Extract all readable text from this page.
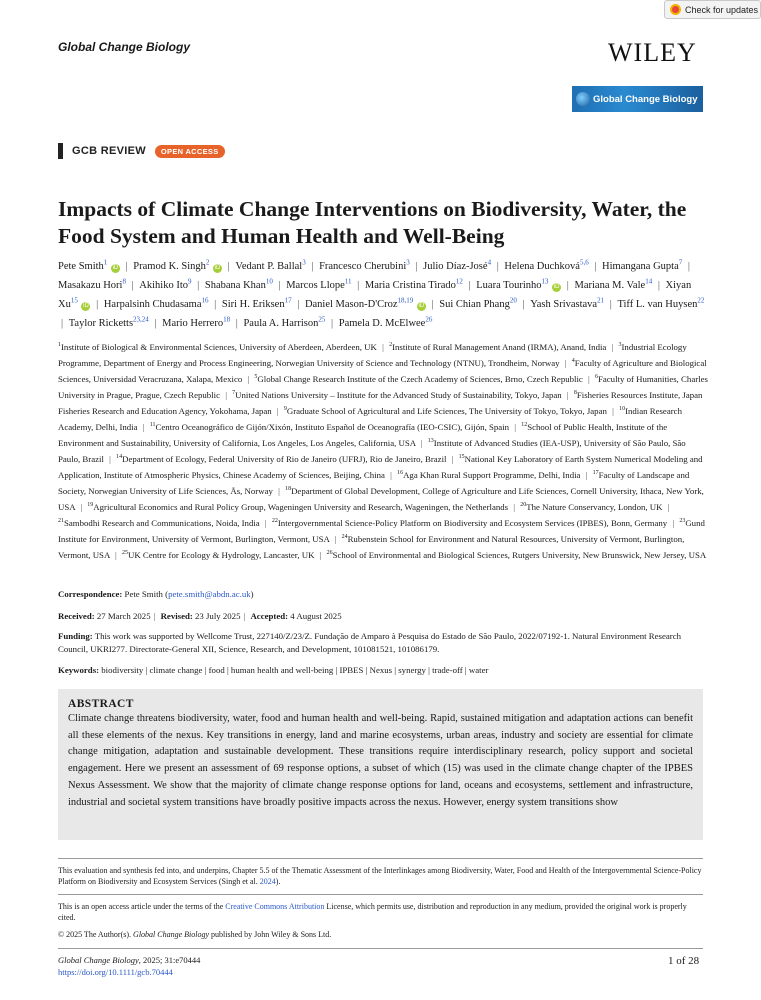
Check for updates
Global Change Biology	WILEY
Global Change Biology
GCB REVIEW	OPEN ACCESS
Impacts of Climate Change Interventions on Biodiversity, Water, the Food System and Human Health and Well-Being
Pete Smith$^1$ iD | Pramod K. Singh$^2$ iD | Vedant P. Ballal$^3$ | Francesco Cherubini$^3$ | Julio Díaz-José$^4$ | Helena Duchková$^{5,6}$ | Himangana Gupta$^7$ | Masakazu Hori$^8$ | Akihiko Ito$^9$ | Shabana Khan$^{10}$ | Marcos Llope$^{11}$ | Maria Cristina Tirado$^{12}$ | Luara Tourinho$^{13}$ iD | Mariana M. Vale$^{14}$ | Xiyan Xu$^{15}$ iD | Harpalsinh Chudasama$^{16}$ | Siri H. Eriksen$^{17}$ | Daniel Mason-D'Croz$^{18,19}$ iD | Sui Chian Phang$^{20}$ | Yash Srivastava$^{21}$ | Tiff L. van Huysen$^{22}$ | Taylor Ricketts$^{23,24}$ | Mario Herrero$^{18}$ | Paula A. Harrison$^{25}$ | Pamela D. McElwee$^{26}$
$^1$Institute of Biological & Environmental Sciences, University of Aberdeen, Aberdeen, UK | $^2$Institute of Rural Management Anand (IRMA), Anand, India | $^3$Industrial Ecology Programme, Department of Energy and Process Engineering, Norwegian University of Science and Technology (NTNU), Trondheim, Norway | $^4$Faculty of Agriculture and Biological Sciences, Universidad Veracruzana, Xalapa, Mexico | $^5$Global Change Research Institute of the Czech Academy of Sciences, Brno, Czech Republic | $^6$Faculty of Humanities, Charles University in Prague, Prague, Czech Republic | $^7$United Nations University – Institute for the Advanced Study of Sustainability, Tokyo, Japan | $^8$Fisheries Resources Institute, Japan Fisheries Research and Education Agency, Yokohama, Japan | $^9$Graduate School of Agricultural and Life Sciences, The University of Tokyo, Tokyo, Japan | $^{10}$Indian Research Academy, Delhi, India | $^{11}$Centro Oceanográfico de Gijón/Xixón, Instituto Español de Oceanografía (IEO-CSIC), Gijón, Spain | $^{12}$School of Public Health, Institute of the Environment and Sustainability, University of California, Los Angeles, Los Angeles, California, USA | $^{13}$Institute of Advanced Studies (IEA-USP), University of São Paulo, São Paulo, Brazil | $^{14}$Department of Ecology, Federal University of Rio de Janeiro (UFRJ), Rio de Janeiro, Brazil | $^{15}$National Key Laboratory of Earth System Numerical Modeling and Application, Institute of Atmospheric Physics, Chinese Academy of Sciences, Beijing, China | $^{16}$Aga Khan Rural Support Programme, Delhi, India | $^{17}$Faculty of Landscape and Society, Norwegian University of Life Sciences, Ås, Norway | $^{18}$Department of Global Development, College of Agriculture and Life Sciences, Cornell University, Ithaca, New York, USA | $^{19}$Agricultural Economics and Rural Policy Group, Wageningen University and Research, Wageningen, the Netherlands | $^{20}$The Nature Conservancy, London, UK | $^{21}$Sambodhi Research and Communications, Noida, India | $^{22}$Intergovernmental Science-Policy Platform on Biodiversity and Ecosystem Services (IPBES), Bonn, Germany | $^{23}$Gund Institute for Environment, University of Vermont, Burlington, Vermont, USA | $^{24}$Rubenstein School for Environment and Natural Resources, University of Vermont, Burlington, Vermont, USA | $^{25}$UK Centre for Ecology & Hydrology, Lancaster, UK | $^{26}$School of Environmental and Biological Sciences, Rutgers University, New Brunswick, New Jersey, USA
Correspondence: Pete Smith (pete.smith@abdn.ac.uk)
Received: 27 March 2025 | Revised: 23 July 2025 | Accepted: 4 August 2025
Funding: This work was supported by Wellcome Trust, 227140/Z/23/Z. Fundação de Amparo à Pesquisa do Estado de São Paulo, 2022/07192-1. Natural Environment Research Council, UKRI277. Directorate-General XII, Science, Research, and Development, 101081521, 101086179.
Keywords: biodiversity | climate change | food | human health and well-being | IPBES | Nexus | synergy | trade-off | water
ABSTRACT
Climate change threatens biodiversity, water, food and human health and well-being. Rapid, sustained mitigation and adaptation actions can benefit all these elements of the nexus. Key transitions in energy, land and marine ecosystems, urban areas, industry and society are essential for climate change mitigation, adaptation and sustainable development. These transitions require interdisciplinary research, policy support and societal engagement. Here we present an assessment of 69 response options, a subset of which (15) was used in the climate change chapter of the IPBES Nexus Assessment. We show that the majority of climate change response options for land, oceans and ecosystems, settlement and infrastructure, industrial and societal system transitions have broadly positive impacts across the nexus. However, energy system transitions show
This evaluation and synthesis fed into, and underpins, Chapter 5.5 of the Thematic Assessment of the Interlinkages among Biodiversity, Water, Food and Health of the Intergovernmental Science-Policy Platform on Biodiversity and Ecosystem Services (Singh et al. 2024).
This is an open access article under the terms of the Creative Commons Attribution License, which permits use, distribution and reproduction in any medium, provided the original work is properly cited.
© 2025 The Author(s). Global Change Biology published by John Wiley & Sons Ltd.
Global Change Biology, 2025; 31:e70444
https://doi.org/10.1111/gcb.70444
1 of 28
